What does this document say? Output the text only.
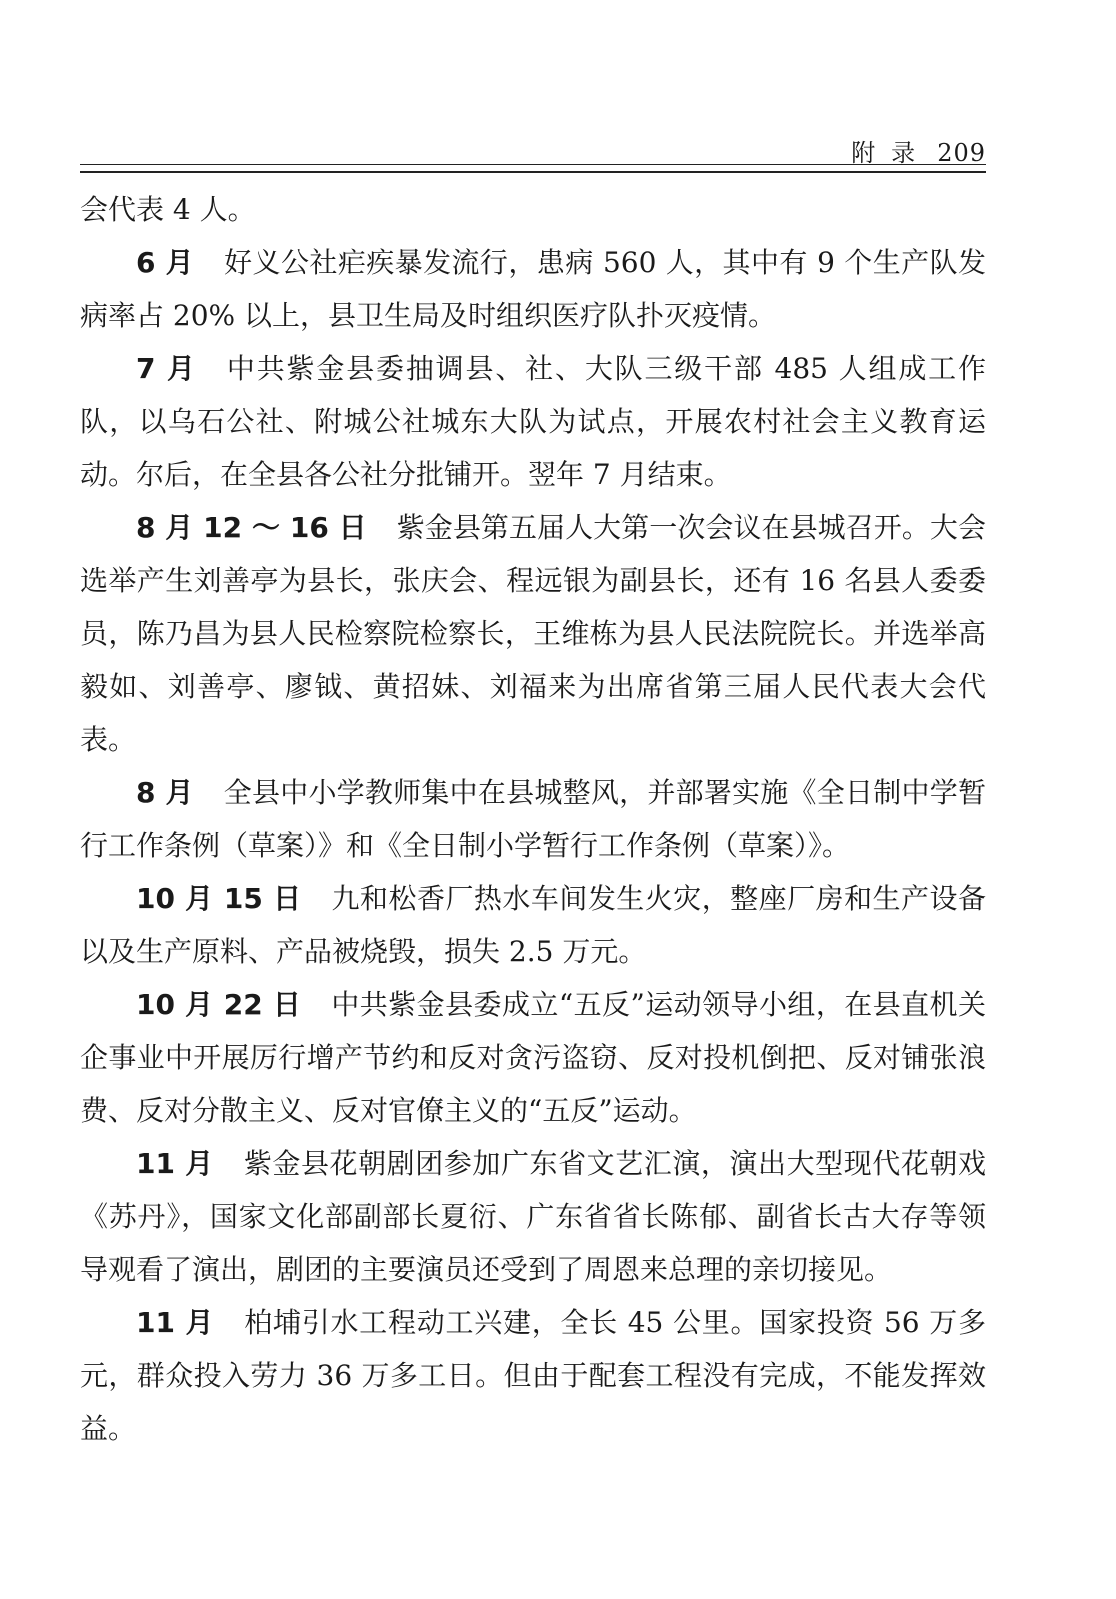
附录 209

会代表 4 人。

6 月 好义公社疟疾暴发流行，患病 560 人，其中有 9 个生产队发病率占 20% 以上，县卫生局及时组织医疗队扑灭疫情。

7 月 中共紫金县委抽调县、社、大队三级干部 485 人组成工作队，以乌石公社、附城公社城东大队为试点，开展农村社会主义教育运动。尔后，在全县各公社分批铺开。翌年 7 月结束。

8 月 12 ～ 16 日 紫金县第五届人大第一次会议在县城召开。大会选举产生刘善亭为县长，张庆会、程远银为副县长，还有 16 名县人委委员，陈乃昌为县人民检察院检察长，王维栋为县人民法院院长。并选举高毅如、刘善亭、廖钺、黄招妹、刘福来为出席省第三届人民代表大会代表。

8 月 全县中小学教师集中在县城整风，并部署实施《全日制中学暂行工作条例（草案）》和《全日制小学暂行工作条例（草案）》。

10 月 15 日 九和松香厂热水车间发生火灾，整座厂房和生产设备以及生产原料、产品被烧毁，损失 2.5 万元。

10 月 22 日 中共紫金县委成立“五反”运动领导小组，在县直机关企事业中开展厉行增产节约和反对贪污盗窃、反对投机倒把、反对铺张浪费、反对分散主义、反对官僚主义的“五反”运动。

11 月 紫金县花朝剧团参加广东省文艺汇演，演出大型现代花朝戏《苏丹》，国家文化部副部长夏衍、广东省省长陈郁、副省长古大存等领导观看了演出，剧团的主要演员还受到了周恩来总理的亲切接见。

11 月 柏埔引水工程动工兴建，全长 45 公里。国家投资 56 万多元，群众投入劳力 36 万多工日。但由于配套工程没有完成，不能发挥效益。
